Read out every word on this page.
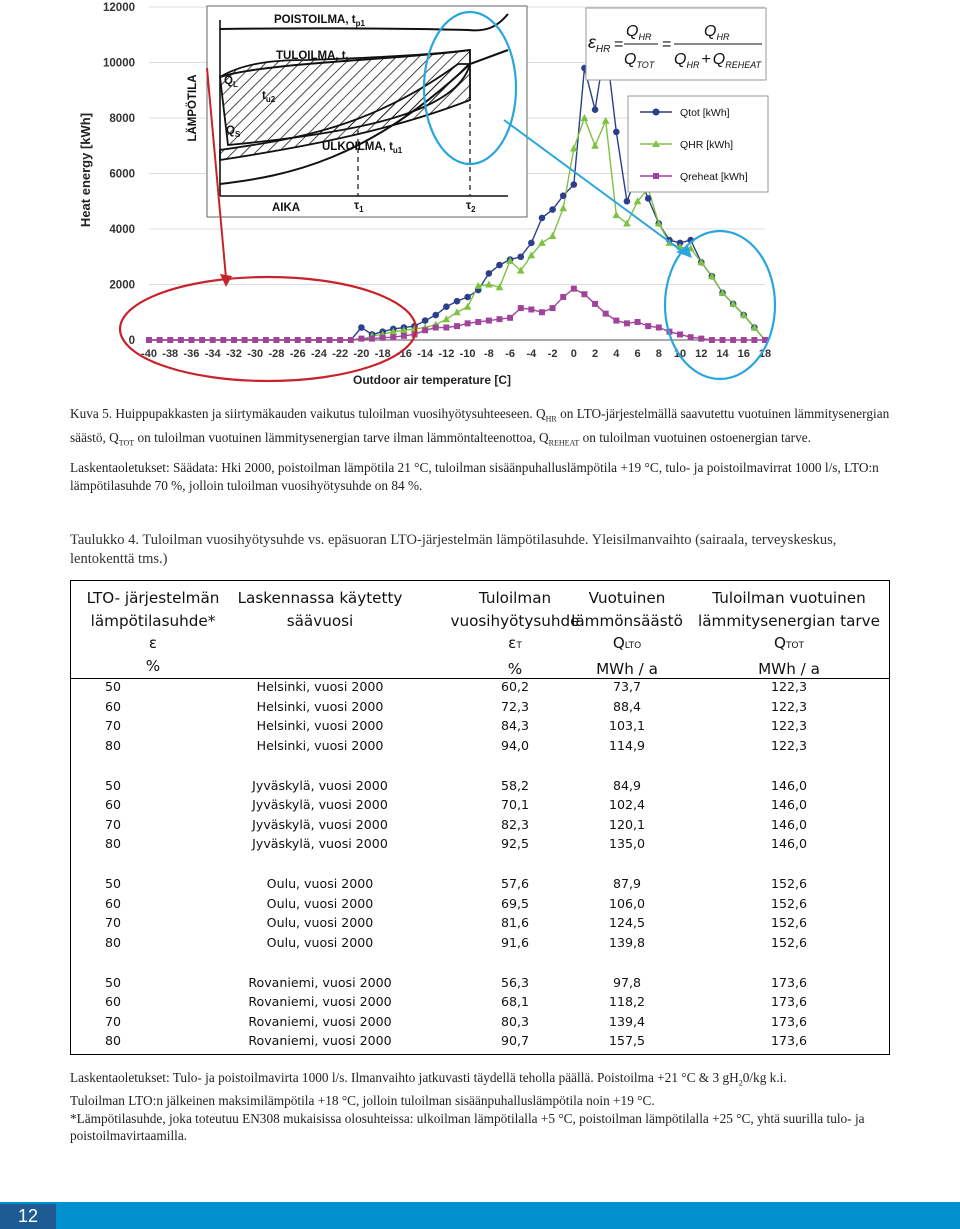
0
2000
4000
6000
8000
10000
12000
-40 -38 -36 -34 -32 -30 -28 -26 -24 -22 -20 -18 -16 -14 -12 -10 -8 -6 -4 -2 0 2 4 6 8 10 12 14 16 18
Heat energy [kWh]
Outdoor air temperature [C]
POISTOILMA, $t_{p1}$
TULOILMA, $t_t$
ULKOILMA, $t_{u1}$
LÄMPÖTILA
AIKA
$Q_L$
$Q_S$
$t_{u2}$
$\tau_1$	$\tau_2$
$\varepsilon_{HR}$ =
$Q_{HR}$
$Q_{TOT}$
=
$Q_{HR}$
$Q_{HR} + Q_{REHEAT}$
Qtot [kWh]
QHR [kWh]
Qreheat [kWh]
Kuva 5. Huippupakkasten ja siirtymäkauden vaikutus tuloilman vuosihyötysuhteeseen. $Q_{HR}$ on LTO-järjestelmällä saavutettu vuotuinen lämmitysenergian säästö, $Q_{TOT}$ on tuloilman vuotuinen lämmitysenergian tarve ilman lämmöntalteenottoa, $Q_{REHEAT}$ on tuloilman vuotuinen ostoenergian tarve.
Laskentaoletukset: Säädata: Hki 2000, poistoilman lämpötila 21 °C, tuloilman sisäänpuhalluslämpötila +19 °C, tulo- ja poistoilmavirrat 1000 l/s, LTO:n lämpötilasuhde 70 %, jolloin tuloilman vuosihyötysuhde on 84 %.
Taulukko 4. Tuloilman vuosihyötysuhde vs. epäsuoran LTO-järjestelmän lämpötilasuhde. Yleisilmanvaihto (sairaala, terveyskeskus, lentokenttä tms.)
LTO- järjestelmän
lämpötilasuhde*
ε
%
Laskennassa käytetty
säävuosi

Tuloilman
vuosihyötysuhde
εT
%
Vuotuinen
lämmönsäästö
QLTO
MWh / a
Tuloilman vuotuinen
lämmitysenergian tarve
QTOT
MWh / a
50	Helsinki, vuosi 2000	60,2	73,7	122,3
60	Helsinki, vuosi 2000	72,3	88,4	122,3
70	Helsinki, vuosi 2000	84,3	103,1	122,3
80	Helsinki, vuosi 2000	94,0	114,9	122,3
50	Jyväskylä, vuosi 2000	58,2	84,9	146,0
60	Jyväskylä, vuosi 2000	70,1	102,4	146,0
70	Jyväskylä, vuosi 2000	82,3	120,1	146,0
80	Jyväskylä, vuosi 2000	92,5	135,0	146,0
50	Oulu, vuosi 2000	57,6	87,9	152,6
60	Oulu, vuosi 2000	69,5	106,0	152,6
70	Oulu, vuosi 2000	81,6	124,5	152,6
80	Oulu, vuosi 2000	91,6	139,8	152,6
50	Rovaniemi, vuosi 2000	56,3	97,8	173,6
60	Rovaniemi, vuosi 2000	68,1	118,2	173,6
70	Rovaniemi, vuosi 2000	80,3	139,4	173,6
80	Rovaniemi, vuosi 2000	90,7	157,5	173,6
Laskentaoletukset: Tulo- ja poistoilmavirta 1000 l/s. Ilmanvaihto jatkuvasti täydellä teholla päällä. Poistoilma +21 °C & 3 $gH_20/kg$ k.i.
Tuloilman LTO:n jälkeinen maksimilämpötila +18 °C, jolloin tuloilman sisäänpuhalluslämpötila noin +19 °C.
*Lämpötilasuhde, joka toteutuu EN308 mukaisissa olosuhteissa: ulkoilman lämpötilalla +5 °C, poistoilman lämpötilalla +25 °C, yhtä suurilla tulo- ja poistoilmavirtaamilla.
12
